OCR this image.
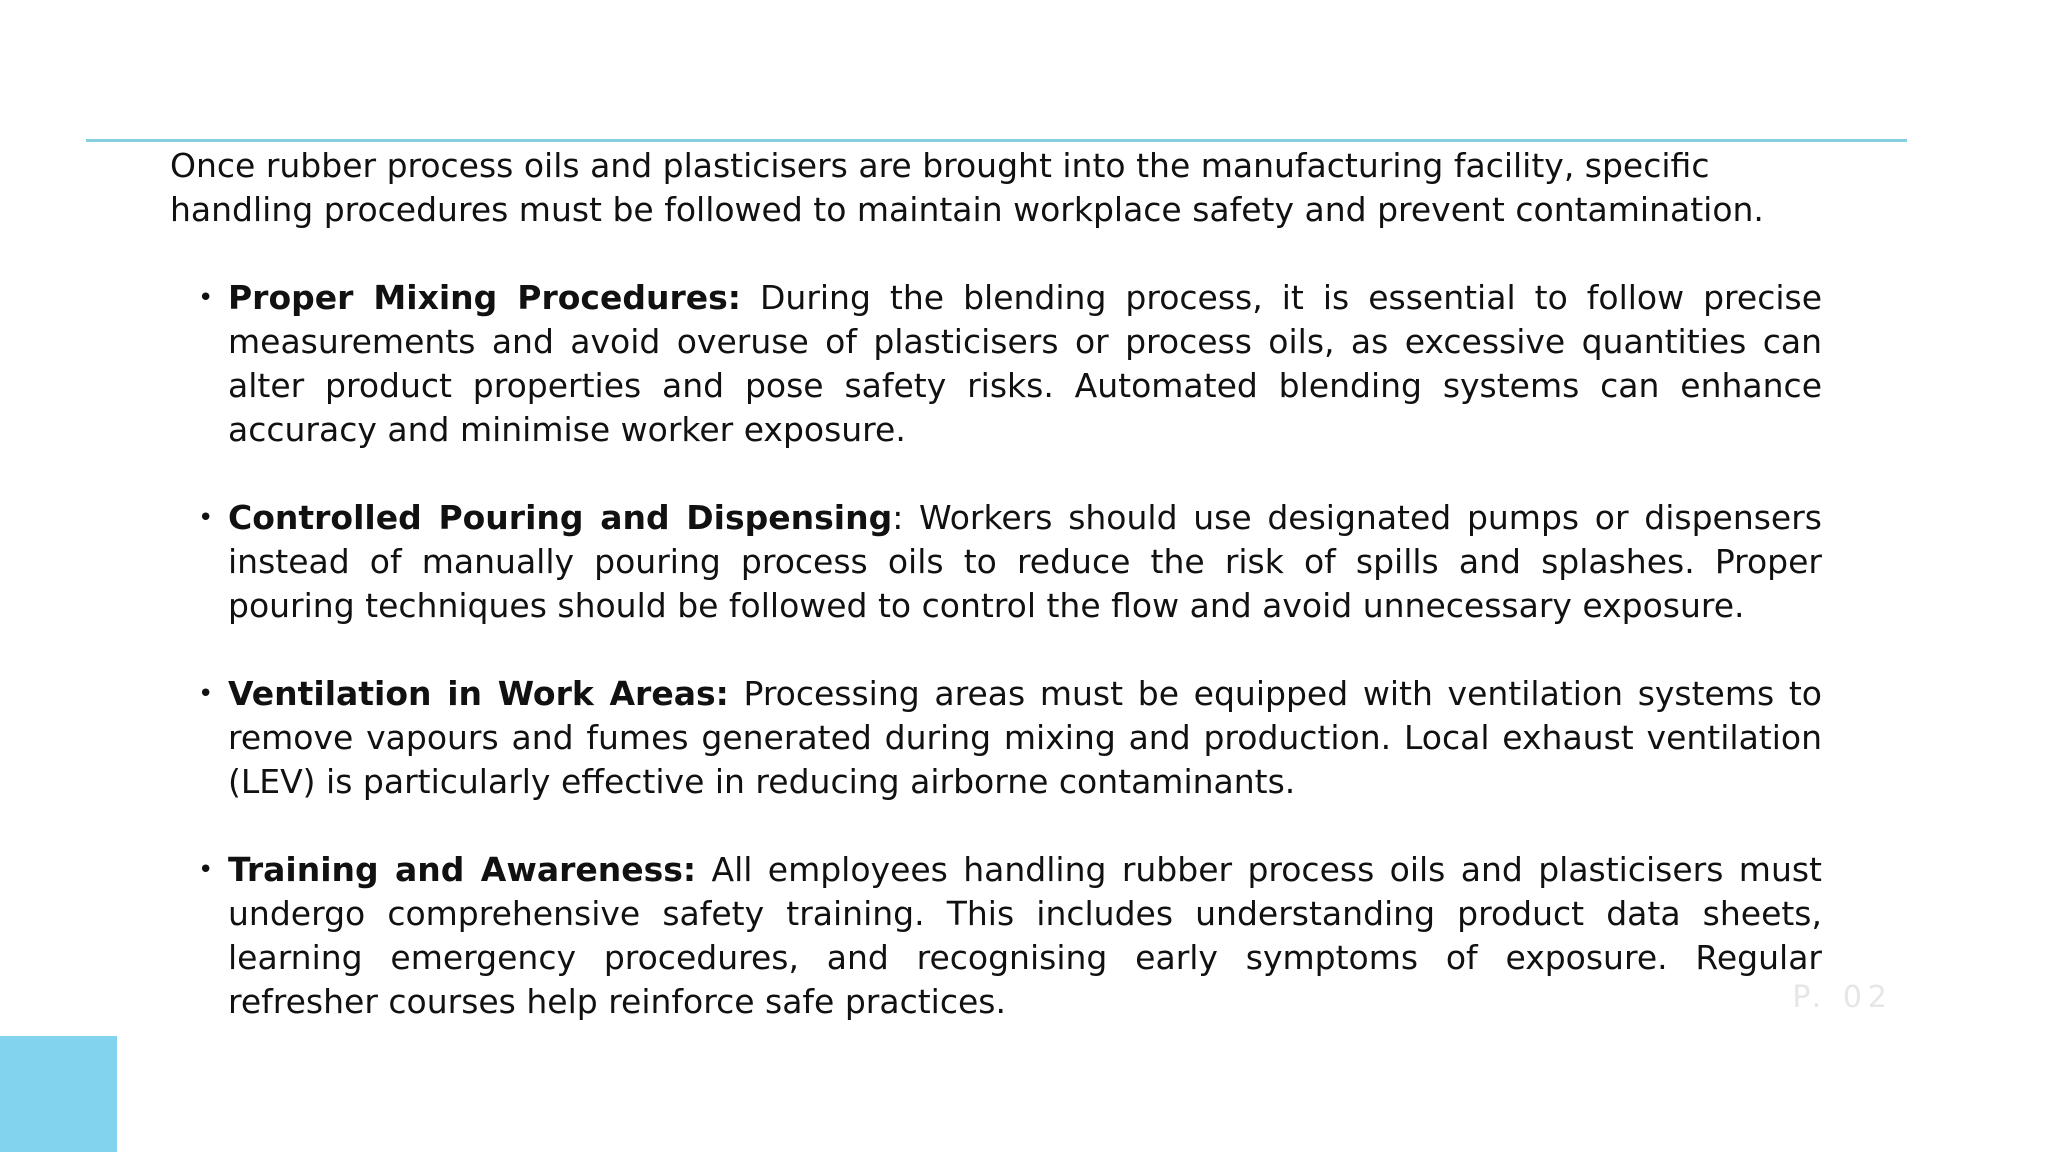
Once rubber process oils and plasticisers are brought into the manufacturing facility, specific handling procedures must be followed to maintain workplace safety and prevent contamination.

• Proper Mixing Procedures: During the blending process, it is essential to follow precise measurements and avoid overuse of plasticisers or process oils, as excessive quantities can alter product properties and pose safety risks. Automated blending systems can enhance accuracy and minimise worker exposure.
• Controlled Pouring and Dispensing: Workers should use designated pumps or dispensers instead of manually pouring process oils to reduce the risk of spills and splashes. Proper pouring techniques should be followed to control the flow and avoid unnecessary exposure.
• Ventilation in Work Areas: Processing areas must be equipped with ventilation systems to remove vapours and fumes generated during mixing and production. Local exhaust ventilation (LEV) is particularly effective in reducing airborne contaminants.
• Training and Awareness: All employees handling rubber process oils and plasticisers must undergo comprehensive safety training. This includes understanding product data sheets, learning emergency procedures, and recognising early symptoms of exposure. Regular refresher courses help reinforce safe practices.	P. 02
